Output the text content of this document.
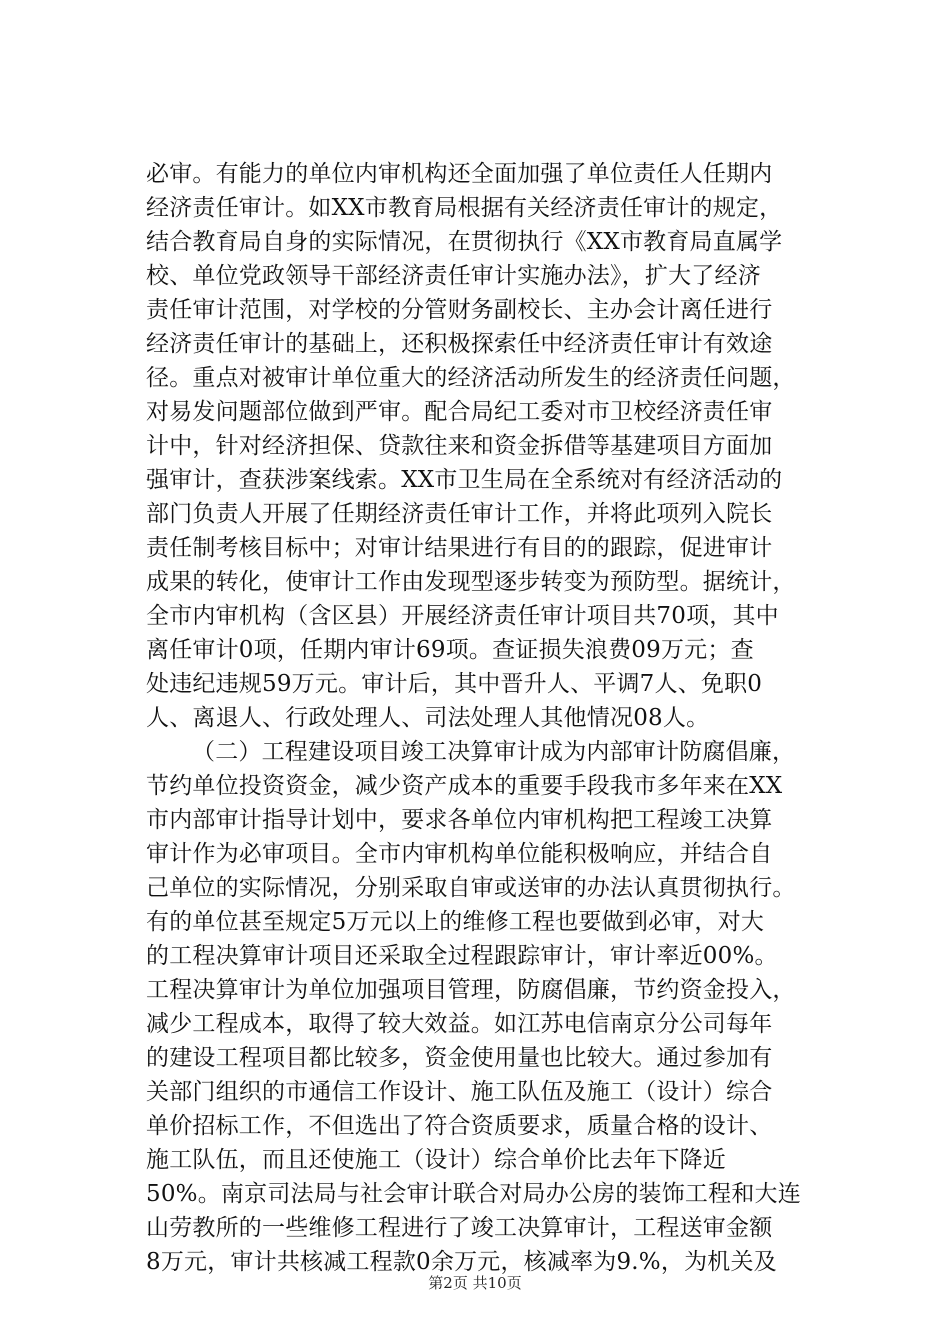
必审。有能力的单位内审机构还全面加强了单位责任人任期内
经济责任审计。如XX市教育局根据有关经济责任审计的规定，
结合教育局自身的实际情况，在贯彻执行《XX市教育局直属学
校、单位党政领导干部经济责任审计实施办法》，扩大了经济
责任审计范围，对学校的分管财务副校长、主办会计离任进行
经济责任审计的基础上，还积极探索任中经济责任审计有效途
径。重点对被审计单位重大的经济活动所发生的经济责任问题，
对易发问题部位做到严审。配合局纪工委对市卫校经济责任审
计中，针对经济担保、贷款往来和资金拆借等基建项目方面加
强审计，查获涉案线索。XX市卫生局在全系统对有经济活动的
部门负责人开展了任期经济责任审计工作，并将此项列入院长
责任制考核目标中；对审计结果进行有目的的跟踪，促进审计
成果的转化，使审计工作由发现型逐步转变为预防型。据统计，
全市内审机构（含区县）开展经济责任审计项目共70项，其中
离任审计0项，任期内审计69项。查证损失浪费09万元；查
处违纪违规59万元。审计后，其中晋升人、平调7人、免职0
人、离退人、行政处理人、司法处理人其他情况08人。
（二）工程建设项目竣工决算审计成为内部审计防腐倡廉，
节约单位投资资金，减少资产成本的重要手段我市多年来在XX
市内部审计指导计划中，要求各单位内审机构把工程竣工决算
审计作为必审项目。全市内审机构单位能积极响应，并结合自
己单位的实际情况，分别采取自审或送审的办法认真贯彻执行。
有的单位甚至规定5万元以上的维修工程也要做到必审，对大
的工程决算审计项目还采取全过程跟踪审计，审计率近00%。
工程决算审计为单位加强项目管理，防腐倡廉，节约资金投入，
减少工程成本，取得了较大效益。如江苏电信南京分公司每年
的建设工程项目都比较多，资金使用量也比较大。通过参加有
关部门组织的市通信工作设计、施工队伍及施工（设计）综合
单价招标工作，不但选出了符合资质要求，质量合格的设计、
施工队伍，而且还使施工（设计）综合单价比去年下降近
50%。南京司法局与社会审计联合对局办公房的装饰工程和大连
山劳教所的一些维修工程进行了竣工决算审计，工程送审金额
8万元，审计共核减工程款0余万元，核减率为9.%，为机关及
第2页 共10页
